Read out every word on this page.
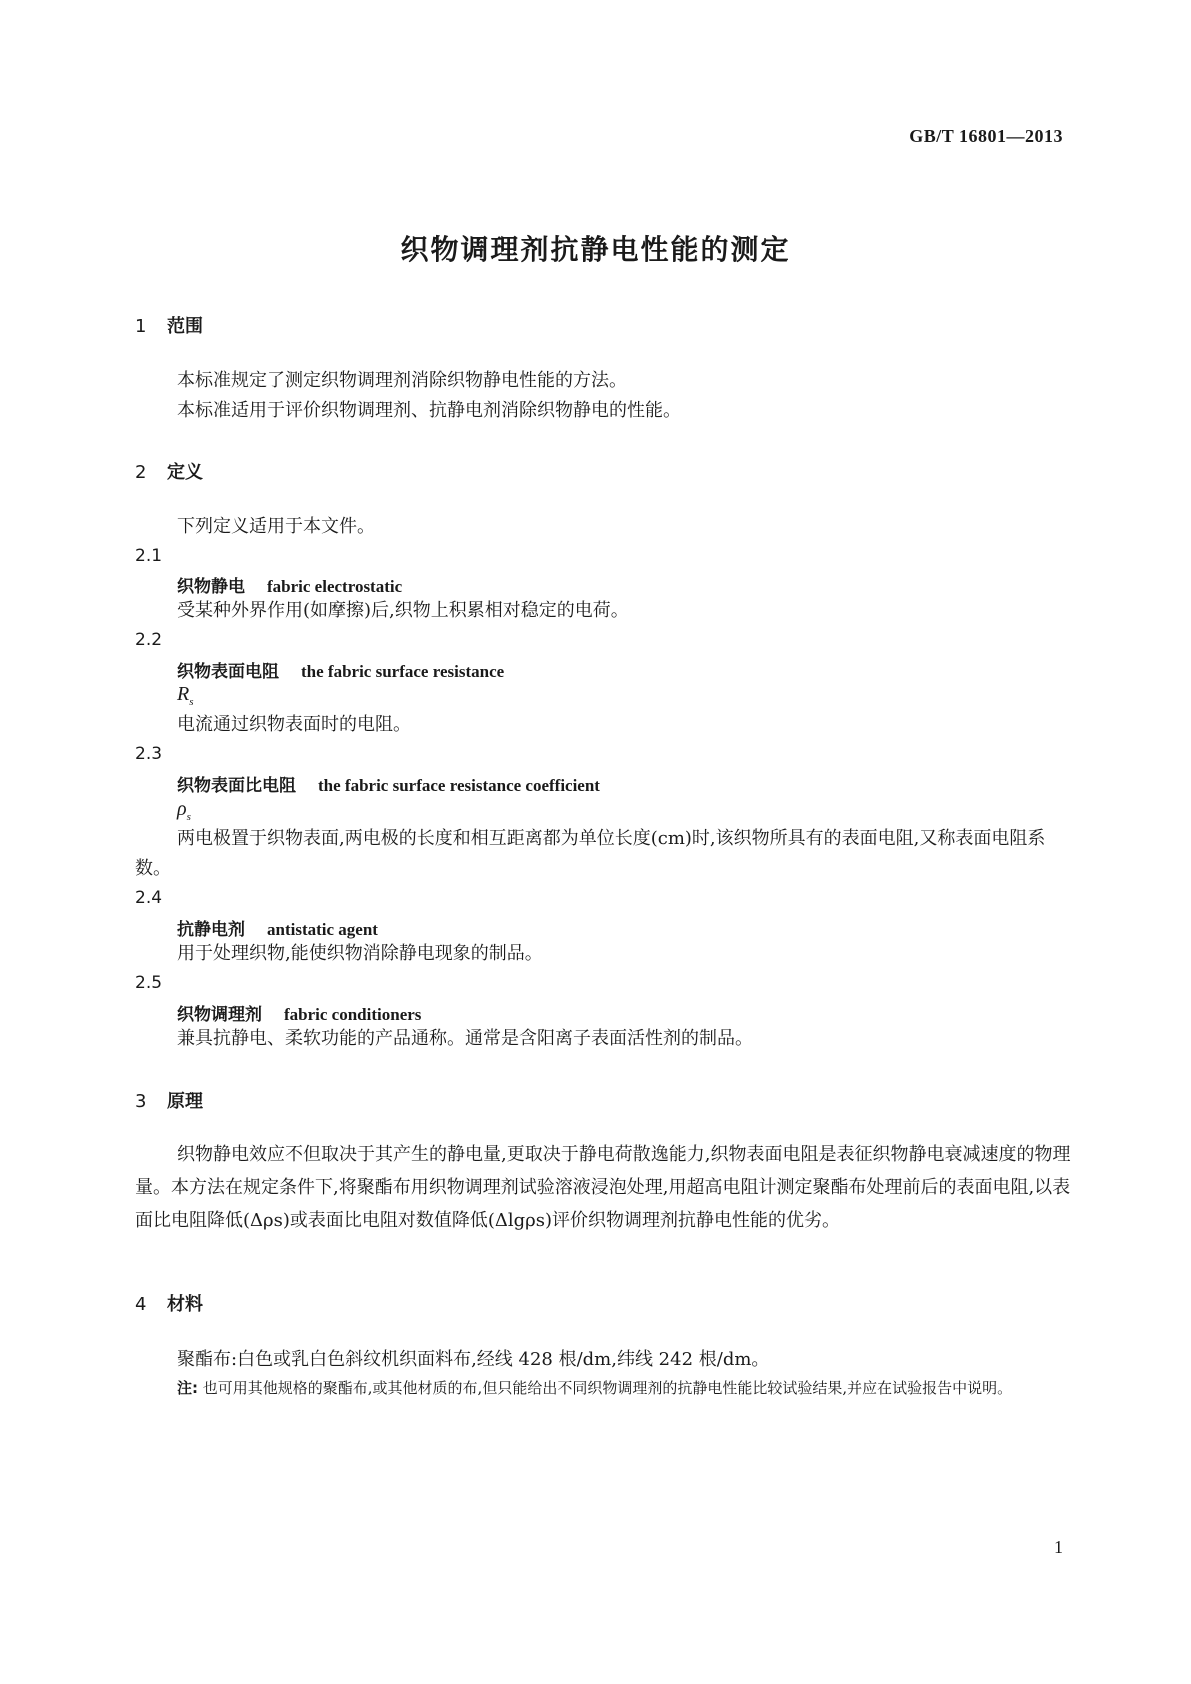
GB/T 16801—2013
织物调理剂抗静电性能的测定
1 范围
本标准规定了测定织物调理剂消除织物静电性能的方法。
本标准适用于评价织物调理剂、抗静电剂消除织物静电的性能。
2 定义
下列定义适用于本文件。
2.1
织物静电 fabric electrostatic
受某种外界作用(如摩擦)后,织物上积累相对稳定的电荷。
2.2
织物表面电阻 the fabric surface resistance
$R_s$
电流通过织物表面时的电阻。
2.3
织物表面比电阻 the fabric surface resistance coefficient
$\rho_s$
两电极置于织物表面,两电极的长度和相互距离都为单位长度(cm)时,该织物所具有的表面电阻,又称表面电阻系数。
2.4
抗静电剂 antistatic agent
用于处理织物,能使织物消除静电现象的制品。
2.5
织物调理剂 fabric conditioners
兼具抗静电、柔软功能的产品通称。通常是含阳离子表面活性剂的制品。
3 原理
织物静电效应不但取决于其产生的静电量,更取决于静电荷散逸能力,织物表面电阻是表征织物静电衰减速度的物理量。本方法在规定条件下,将聚酯布用织物调理剂试验溶液浸泡处理,用超高电阻计测定聚酯布处理前后的表面电阻,以表面比电阻降低(Δρs)或表面比电阻对数值降低(Δlgρs)评价织物调理剂抗静电性能的优劣。
4 材料
聚酯布:白色或乳白色斜纹机织面料布,经线 428 根/dm,纬线 242 根/dm。
注: 也可用其他规格的聚酯布,或其他材质的布,但只能给出不同织物调理剂的抗静电性能比较试验结果,并应在试验报告中说明。
1
